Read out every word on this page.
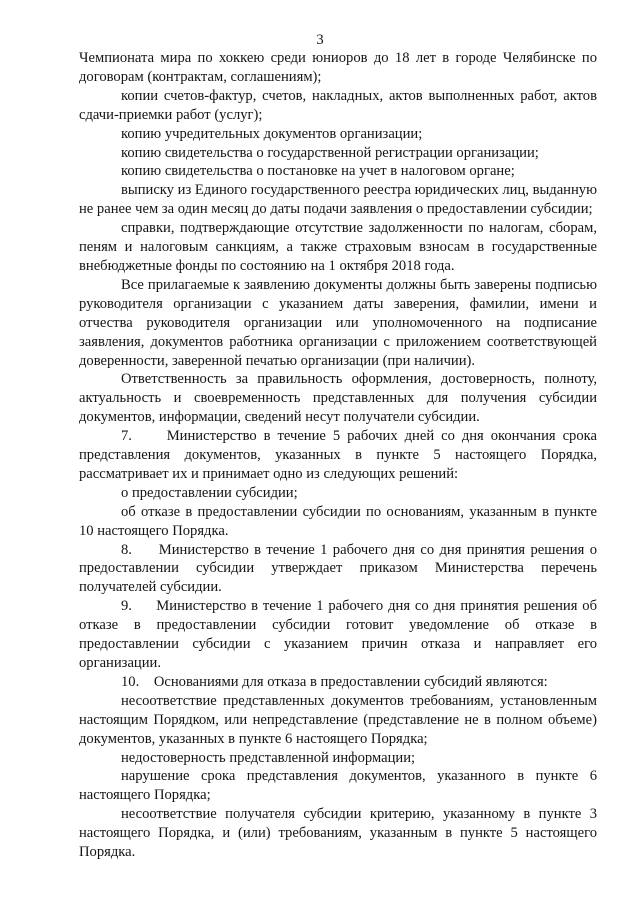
3

Чемпионата мира по хоккею среди юниоров до 18 лет в городе Челябинске по договорам (контрактам, соглашениям);

копии счетов-фактур, счетов, накладных, актов выполненных работ, актов сдачи-приемки работ (услуг);

копию учредительных документов организации;

копию свидетельства о государственной регистрации организации;

копию свидетельства о постановке на учет в налоговом органе;

выписку из Единого государственного реестра юридических лиц, выданную не ранее чем за один месяц до даты подачи заявления о предоставлении субсидии;

справки, подтверждающие отсутствие задолженности по налогам, сборам, пеням и налоговым санкциям, а также страховым взносам в государственные внебюджетные фонды по состоянию на 1 октября 2018 года.

Все прилагаемые к заявлению документы должны быть заверены подписью руководителя организации с указанием даты заверения, фамилии, имени и отчества руководителя организации или уполномоченного на подписание заявления, документов работника организации с приложением соответствующей доверенности, заверенной печатью организации (при наличии).

Ответственность за правильность оформления, достоверность, полноту, актуальность и своевременность представленных для получения субсидии документов, информации, сведений несут получатели субсидии.

7.     Министерство в течение 5 рабочих дней со дня окончания срока представления документов, указанных в пункте 5 настоящего Порядка, рассматривает их и принимает одно из следующих решений:

о предоставлении субсидии;

об отказе в предоставлении субсидии по основаниям, указанным в пункте 10 настоящего Порядка.

8.     Министерство в течение 1 рабочего дня со дня принятия решения о предоставлении субсидии утверждает приказом Министерства перечень получателей субсидии.

9.     Министерство в течение 1 рабочего дня со дня принятия решения об отказе в предоставлении субсидии готовит уведомление об отказе в предоставлении субсидии с указанием причин отказа и направляет его организации.

10.    Основаниями для отказа в предоставлении субсидий являются:

несоответствие представленных документов требованиям, установленным настоящим Порядком, или непредставление (представление не в полном объеме) документов, указанных в пункте 6 настоящего Порядка;

недостоверность представленной информации;

нарушение срока представления документов, указанного в пункте 6 настоящего Порядка;

несоответствие получателя субсидии критерию, указанному в пункте 3 настоящего Порядка, и (или) требованиям, указанным в пункте 5 настоящего Порядка.
